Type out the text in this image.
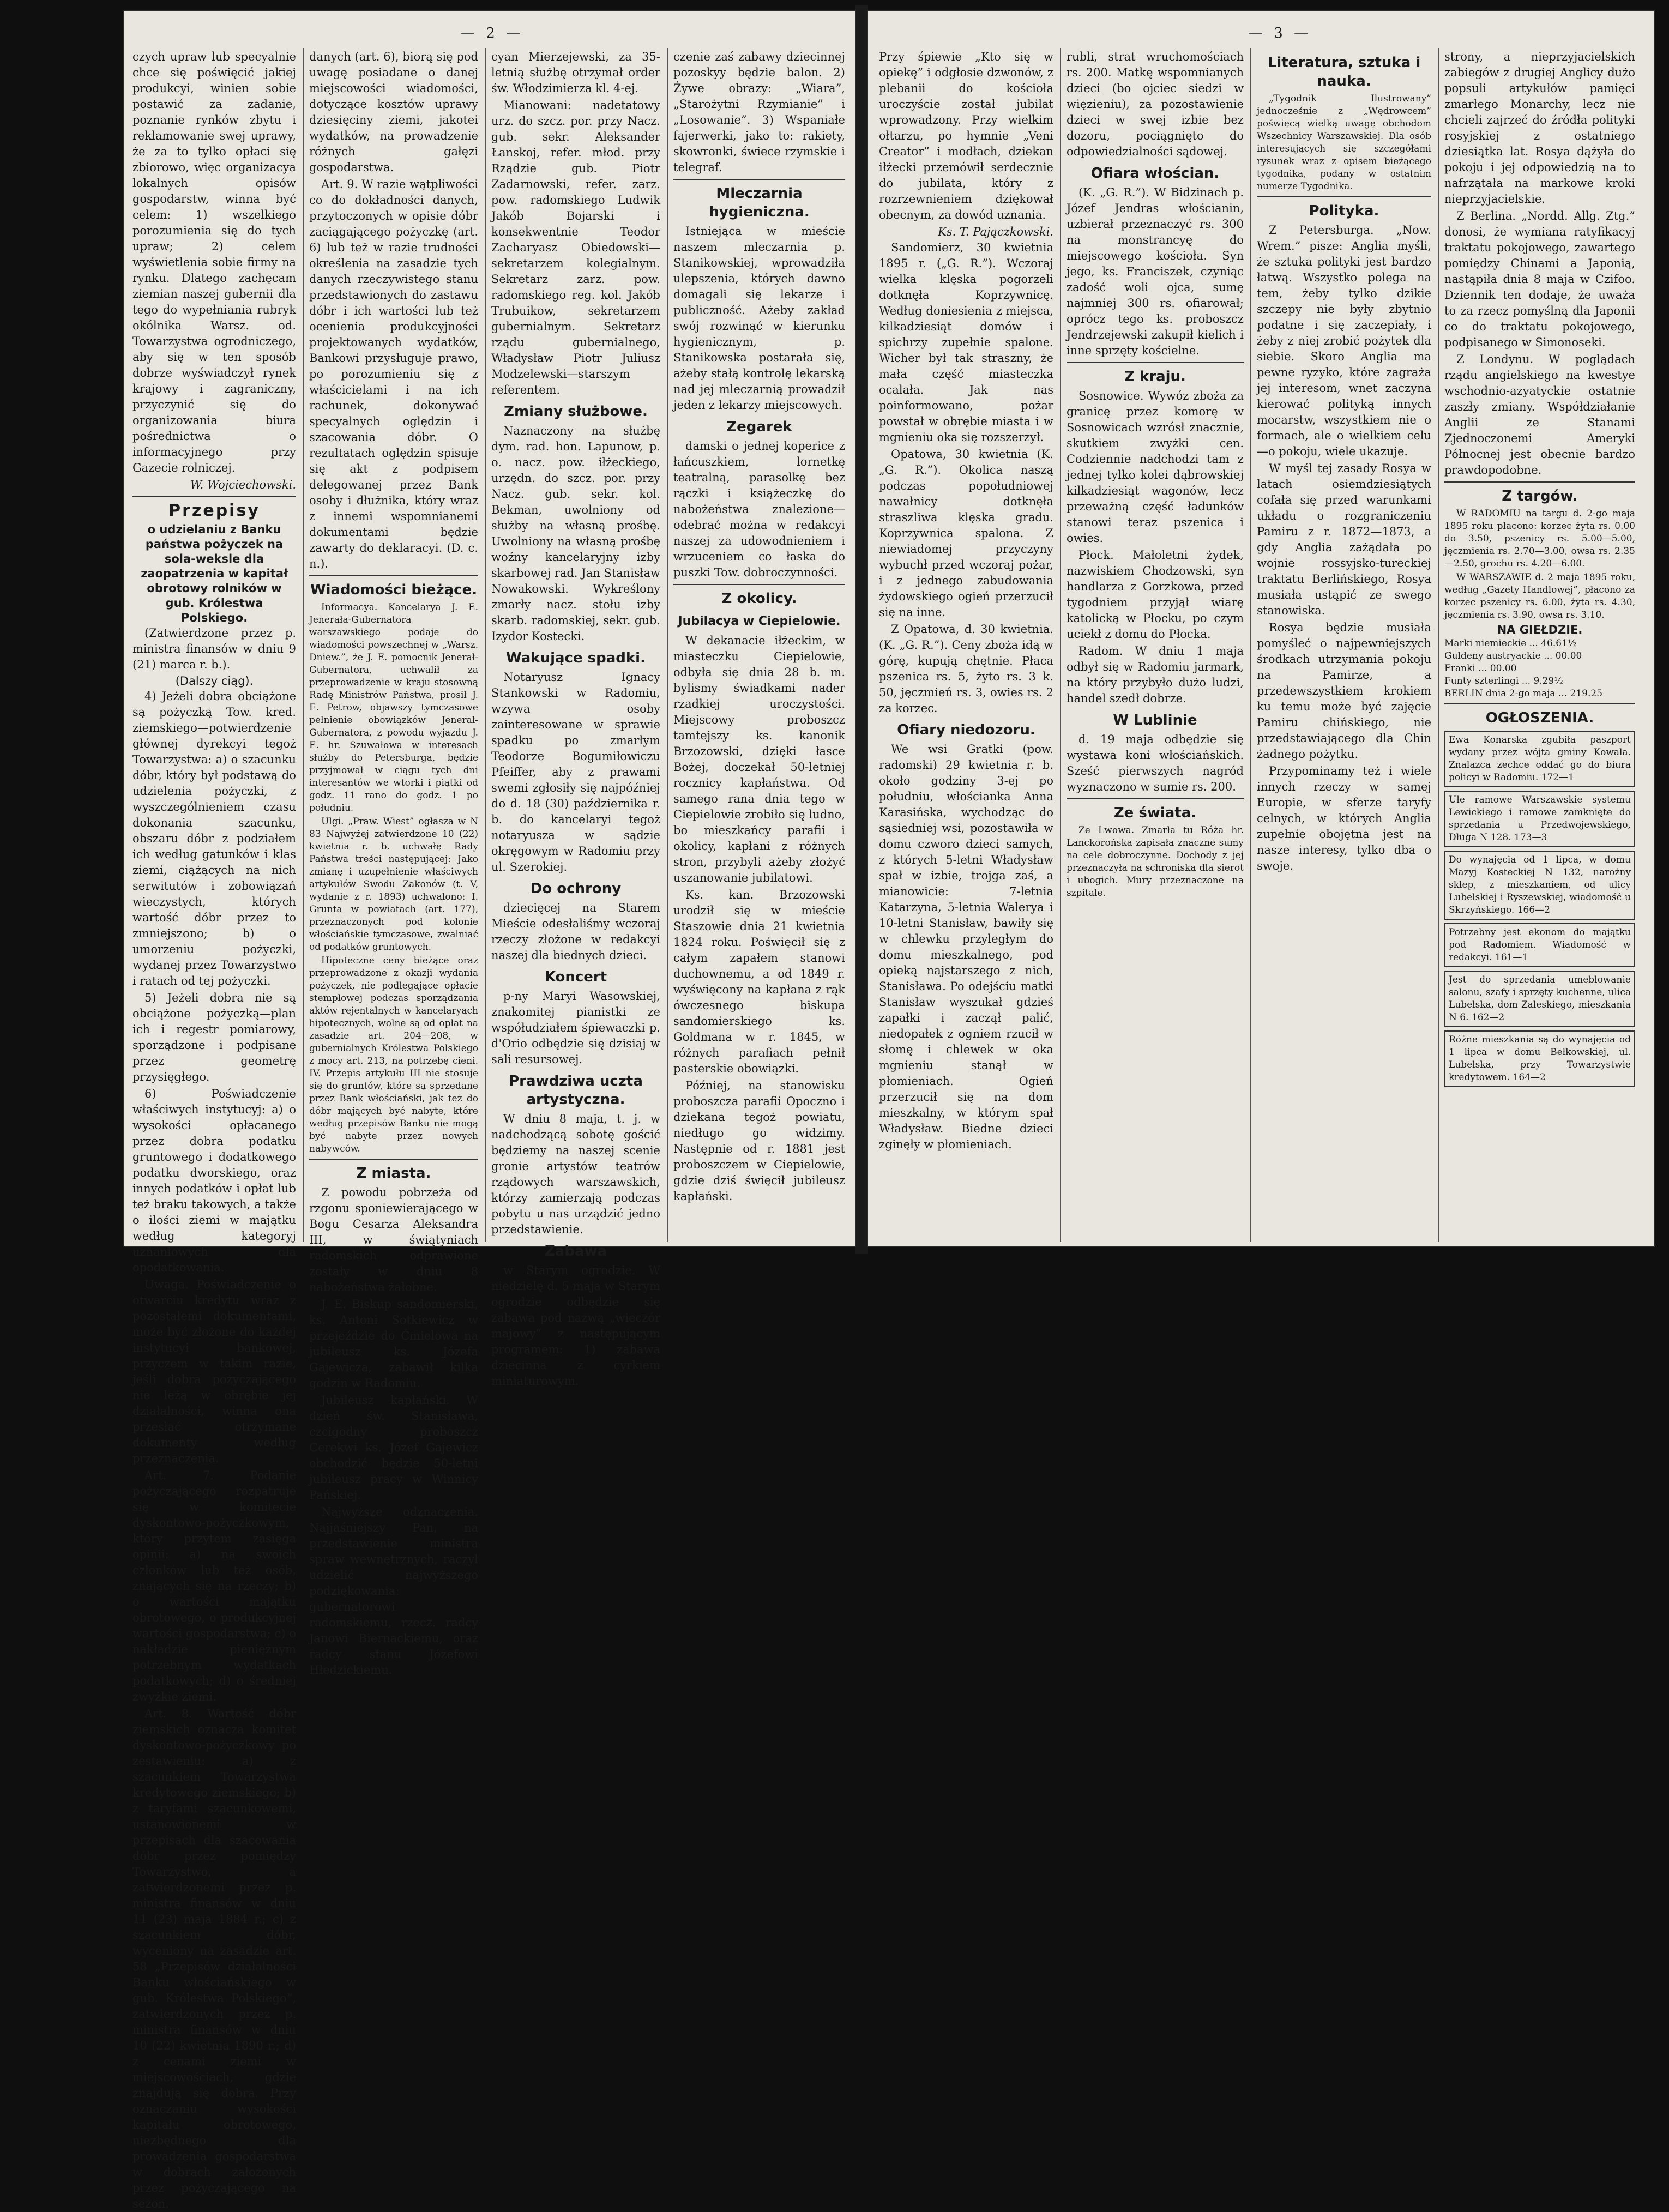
— 2 —

czych upraw lub specyalnie chce się poświęcić jakiej produkcyi, winien sobie postawić za zadanie, poznanie rynków zbytu i reklamowanie swej uprawy, że za to tylko opłaci się zbiorowo, więc organizacya lokalnych opisów gospodarstw, winna być celem: 1) wszelkiego porozumienia się do tych upraw; 2) celem wyświetlenia sobie firmy na rynku. Dlatego zachęcam ziemian naszej gubernii dla tego do wypełniania rubryk okólnika Warsz. od. Towarzystwa ogrodniczego, aby się w ten sposób dobrze wyświadczył rynek krajowy i zagraniczny, przyczynić się do organizowania biura pośrednictwa o informacyjnego przy Gazecie rolniczej.

W. Wojciechowski.
Przepisy
o udzielaniu z Banku państwa pożyczek na sola-weksle dla zaopatrzenia w kapitał obrotowy rolników w gub. Królestwa Polskiego.

(Zatwierdzone przez p. ministra finansów w dniu 9 (21) marca r. b.).

(Dalszy ciąg).

4) Jeżeli dobra obciążone są pożyczką Tow. kred. ziemskiego—potwierdzenie głównej dyrekcyi tegoż Towarzystwa: a) o szacunku dóbr, który był podstawą do udzielenia pożyczki, z wyszczególnieniem czasu dokonania szacunku, obszaru dóbr z podziałem ich według gatunków i klas ziemi, ciążących na nich serwitutów i zobowiązań wieczystych, których wartość dóbr przez to zmniejszono; b) o umorzeniu pożyczki, wydanej przez Towarzystwo i ratach od tej pożyczki.

5) Jeżeli dobra nie są obciążone pożyczką—plan ich i regestr pomiarowy, sporządzone i podpisane przez geometrę przysięgłego.

6) Poświadczenie właściwych instytucyj: a) o wysokości opłacanego przez dobra podatku gruntowego i dodatkowego podatku dworskiego, oraz innych podatków i opłat lub też braku takowych, a także o ilości ziemi w majątku według kategoryj uznaniowych dla opodatkowania.

Uwaga. Poświadczenie o otwarciu kredytu wraz z pozostałemi dokumentami, może być złożone do każdej instytucyi bankowej, przyczem w takim razie, jeśli dobra pożyczającego nie leżą w obrębie jej działalności, winna ona przesłać otrzymane dokumenty według przeznaczenia.

Art. 7. Podanie pożyczającego rozpatruje się w komitecie dyskontowo-pożyczkowym, który przytem zasięga opinii: a) na swoich członków lub też osób, znających się na rzeczy; b) o wartości majątku obrotowego, o produkcyjnej wartości gospodarstwa; c) o nakładzie pieniężnym potrzebnym wydatkach podatkowych; d) o średniej zwyżkie ziemi.

Art. 8. Wartość dóbr ziemskich oznacza komitet dyskontowo-pożyczkowy po zestawieniu: a) z szacunkiem Towarzystwa kredytowego ziemskiego; b) z taryfami szacunkowemi, ustanowionemi w przepisach dla szacowania dóbr przez pomiędzy Towarzystwo, a zatwierdzonemi przez p. ministra finansów w dniu 11 (23) maja 1884 r.; c) z szacunkiem dóbr, wyceniony na zasadzie art. 58 „Przepisów działalności Banku włościańskiego w gub. Królestwa Polskiego”, zatwierdzonych przez p. ministra finansów w dniu 10 (22) kwietnia 1890 r.; d) z cenami ziemi w miejscowościach, gdzie znajdują się dobra. Przy oznaczaniu wysokości kapitału obrotowego, niezbędnego dla prowadzenia gospodarstwa w dobrach założonych przez pożyczającego na sezon.

danych (art. 6), biorą się pod uwagę posiadane o danej miejscowości wiadomości, dotyczące kosztów uprawy dziesięciny ziemi, jakotei wydatków, na prowadzenie różnych gałęzi gospodarstwa.

Art. 9. W razie wątpliwości co do dokładności danych, przytoczonych w opisie dóbr zaciągającego pożyczkę (art. 6) lub też w razie trudności określenia na zasadzie tych danych rzeczywistego stanu przedstawionych do zastawu dóbr i ich wartości lub też ocenienia produkcyjności projektowanych wydatków, Bankowi przysługuje prawo, po porozumieniu się z właścicielami i na ich rachunek, dokonywać specyalnych oględzin i szacowania dóbr. O rezultatach oględzin spisuje się akt z podpisem delegowanej przez Bank osoby i dłużnika, który wraz z innemi wspomnianemi dokumentami będzie zawarty do deklaracyi. (D. c. n.).

Wiadomości bieżące.

Informacya. Kancelarya J. E. Jenerała-Gubernatora warszawskiego podaje do wiadomości powszechnej w „Warsz. Dniew.”, że J. E. pomocnik Jenerał-Gubernatora, uchwalił za przeprowadzenie w kraju stosowną Radę Ministrów Państwa, prosił J. E. Petrow, objawszy tymczasowe pełnienie obowiązków Jenerał-Gubernatora, z powodu wyjazdu J. E. hr. Szuwałowa w interesach służby do Petersburga, będzie przyjmował w ciągu tych dni interesantów we wtorki i piątki od godz. 11 rano do godz. 1 po południu.

Ulgi. „Praw. Wiest” ogłasza w N 83 Najwyżej zatwierdzone 10 (22) kwietnia r. b. uchwałę Rady Państwa treści następującej: Jako zmianę i uzupełnienie właściwych artykułów Swodu Zakonów (t. V, wydanie z r. 1893) uchwalono: I. Grunta w powiatach (art. 177), przeznaczonych pod kolonie włościańskie tymczasowe, zwalniać od podatków gruntowych.

Hipoteczne ceny bieżące oraz przeprowadzone z okazji wydania pożyczek, nie podlegające opłacie stemplowej podczas sporządzania aktów rejentalnych w kancelaryach hipotecznych, wolne są od opłat na zasadzie art. 204—208, w gubernialnych Królestwa Polskiego z mocy art. 213, na potrzebę cieni. IV. Przepis artykułu III nie stosuje się do gruntów, które są sprzedane przez Bank włościański, jak też do dóbr mających być nabyte, które według przepisów Banku nie mogą być nabyte przez nowych nabywców.

Z miasta.

Z powodu pobrzeża od rzgonu sponiewierającego w Bogu Cesarza Aleksandra III, w świątyniach radomskich odprawione zostały w dniu 8 nabożeństwa żałobne.

J. E. Biskup sandomierski, ks. Antoni Sotkiewicz w przejeździe do Ćmielowa na jubileusz ks. Józefa Gajewicza, zabawił kilka godzin w Radomiu.

Jubileusz kapłański. W dzień św. Stanisława, czcigodny proboszcz Cerekwi ks. Józef Gajewicz obchodzić będzie 50-letni jubileusz pracy w Winnicy Pańskiej.

Najwyższe odznaczenia. Najjaśniejszy Pan, na przedstawienie ministra spraw wewnętrznych, raczył udzielić najwyższego podziękowania: gubernatorowi radomskiemu, rzecz. radcy Janowi Biernackiemu, oraz radcy stanu Józefowi Hłedzickiemu.

cyan Mierzejewski, za 35-letnią służbę otrzymał order św. Włodzimierza kl. 4-ej.

Mianowani: nadetatowy urz. do szcz. por. przy Nacz. gub. sekr. Aleksander Łanskoj, refer. młod. przy Rządzie gub. Piotr Zadarnowski, refer. zarz. pow. radomskiego Ludwik Jakób Bojarski i konsekwentnie Teodor Zacharyasz Obiedowski—sekretarzem kolegialnym. Sekretarz zarz. pow. radomskiego reg. kol. Jakób Trubuikow, sekretarzem gubernialnym. Sekretarz rządu gubernialnego, Władysław Piotr Juliusz Modzelewski—starszym referentem.

Zmiany służbowe.

Naznaczony na służbę dym. rad. hon. Lapunow, p. o. nacz. pow. iłżeckiego, urzędn. do szcz. por. przy Nacz. gub. sekr. kol. Bekman, uwolniony od służby na własną prośbę. Uwolniony na własną prośbę woźny kancelaryjny izby skarbowej rad. Jan Stanisław Nowakowski. Wykreślony zmarły nacz. stołu izby skarb. radomskiej, sekr. gub. Izydor Kostecki.

Wakujące spadki.

Notaryusz Ignacy Stankowski w Radomiu, wzywa osoby zainteresowane w sprawie spadku po zmarłym Teodorze Bogumiłowiczu Pfeiffer, aby z prawami swemi zgłosiły się najpóźniej do d. 18 (30) października r. b. do kancelaryi tegoż notaryusza w sądzie okręgowym w Radomiu przy ul. Szerokiej.

Do ochrony

dziecięcej na Starem Mieście odesłaliśmy wczoraj rzeczy złożone w redakcyi naszej dla biednych dzieci.

Koncert

p-ny Maryi Wasowskiej, znakomitej pianistki ze współudziałem śpiewaczki p. d'Orio odbędzie się dzisiaj w sali resursowej.

Prawdziwa uczta artystyczna.

W dniu 8 maja, t. j. w nadchodzącą sobotę gościć będziemy na naszej scenie gronie artystów teatrów rządowych warszawskich, którzy zamierzają podczas pobytu u nas urządzić jedno przedstawienie.

Zabawa

w Starym ogrodzie. W niedzielę d. 5 maja w Starym ogrodzie odbędzie się zabawa pod nazwą „wieczór majowy” z następującym programem: 1) zabawa dziecinna z cyrkiem miniaturowym.

czenie zaś zabawy dziecinnej pozoskyy będzie balon. 2) Żywe obrazy: „Wiara”, „Starożytni Rzymianie” i „Losowanie”. 3) Wspaniałe fajerwerki, jako to: rakiety, skowronki, świece rzymskie i telegraf.

Mleczarnia hygieniczna.

Istniejąca w mieście naszem mleczarnia p. Stanikowskiej, wprowadziła ulepszenia, których dawno domagali się lekarze i publiczność. Ażeby zakład swój rozwinąć w kierunku hygienicznym, p. Stanikowska postarała się, ażeby stałą kontrolę lekarską nad jej mleczarnią prowadził jeden z lekarzy miejscowych.

Zegarek

damski o jednej koperice z łańcuszkiem, lornetkę teatralną, parasolkę bez rączki i książeczkę do nabożeństwa znalezione—odebrać można w redakcyi naszej za udowodnieniem i wrzuceniem co łaska do puszki Tow. dobroczynności.

Z okolicy.
Jubilacya w Ciepielowie.

W dekanacie iłżeckim, w miasteczku Ciepielowie, odbyła się dnia 28 b. m. bylismy świadkami nader rzadkiej uroczystości. Miejscowy proboszcz tamtejszy ks. kanonik Brzozowski, dzięki łasce Bożej, doczekał 50-letniej rocznicy kapłaństwa. Od samego rana dnia tego w Ciepielowie zrobiło się ludno, bo mieszkańcy parafii i okolicy, kapłani z różnych stron, przybyli ażeby złożyć uszanowanie jubilatowi.

Ks. kan. Brzozowski urodził się w mieście Staszowie dnia 21 kwietnia 1824 roku. Poświęcił się z całym zapałem stanowi duchownemu, a od 1849 r. wyświęcony na kapłana z rąk ówczesnego biskupa sandomierskiego ks. Goldmana w r. 1845, w różnych parafiach pełnił pasterskie obowiązki.

Później, na stanowisku proboszcza parafii Opoczno i dziekana tegoż powiatu, niedługo go widzimy. Następnie od r. 1881 jest proboszczem w Ciepielowie, gdzie dziś święcił jubileusz kapłański.

— 3 —

Przy śpiewie „Kto się w opiekę” i odgłosie dzwonów, z plebanii do kościoła uroczyście został jubilat wprowadzony. Przy wielkim ołtarzu, po hymnie „Veni Creator” i modłach, dziekan iłżecki przemówił serdecznie do jubilata, który z rozrzewnieniem dziękował obecnym, za dowód uznania.

Ks. T. Pajączkowski.

Sandomierz, 30 kwietnia 1895 r. („G. R.”). Wczoraj wielka klęska pogorzeli dotknęła Koprzywnicę. Według doniesienia z miejsca, kilkadziesiąt domów i spichrzy zupełnie spalone. Wicher był tak straszny, że mała część miasteczka ocalała. Jak nas poinformowano, pożar powstał w obrębie miasta i w mgnieniu oka się rozszerzył.

Opatowa, 30 kwietnia (K. „G. R.”). Okolica naszą podczas popołudniowej nawałnicy dotknęła straszliwa klęska gradu. Koprzywnica spalona. Z niewiadomej przyczyny wybuchł przed wczoraj pożar, i z jednego zabudowania żydowskiego ogień przerzucił się na inne.

Z Opatowa, d. 30 kwietnia. (K. „G. R.”). Ceny zboża idą w górę, kupują chętnie. Płaca pszenica rs. 5, żyto rs. 3 k. 50, jęczmień rs. 3, owies rs. 2 za korzec.

Ofiary niedozoru.

We wsi Gratki (pow. radomski) 29 kwietnia r. b. około godziny 3-ej po południu, włościanka Anna Karasińska, wychodząc do sąsiedniej wsi, pozostawiła w domu czworo dzieci samych, z których 5-letni Władysław spał w izbie, trojga zaś, a mianowicie: 7-letnia Katarzyna, 5-letnia Walerya i 10-letni Stanisław, bawiły się w chlewku przyległym do domu mieszkalnego, pod opieką najstarszego z nich, Stanisława. Po odejściu matki Stanisław wyszukał gdzieś zapałki i zaczął palić, niedopałek z ogniem rzucił w słomę i chlewek w oka mgnieniu stanął w płomieniach. Ogień przerzucił się na dom mieszkalny, w którym spał Władysław. Biedne dzieci zginęły w płomieniach.

rubli, strat wruchomościach rs. 200. Matkę wspomnianych dzieci (bo ojciec siedzi w więzieniu), za pozostawienie dzieci w swej izbie bez dozoru, pociągnięto do odpowiedzialności sądowej.

Ofiara włościan.

(K. „G. R.”). W Bidzinach p. Józef Jendras włościanin, uzbierał przeznaczyć rs. 300 na monstrancyę do miejscowego kościoła. Syn jego, ks. Franciszek, czyniąc zadość woli ojca, sumę najmniej 300 rs. ofiarował; oprócz tego ks. proboszcz Jendrzejewski zakupił kielich i inne sprzęty kościelne.

Z kraju.

Sosnowice. Wywóz zboża za granicę przez komorę w Sosnowicach wzrósł znacznie, skutkiem zwyżki cen. Codziennie nadchodzi tam z jednej tylko kolei dąbrowskiej kilkadziesiąt wagonów, lecz przeważną część ładunków stanowi teraz pszenica i owies.

Płock. Małoletni żydek, nazwiskiem Chodzowski, syn handlarza z Gorzkowa, przed tygodniem przyjął wiarę katolicką w Płocku, po czym uciekł z domu do Płocka.

Radom. W dniu 1 maja odbył się w Radomiu jarmark, na który przybyło dużo ludzi, handel szedł dobrze.

W Lublinie

d. 19 maja odbędzie się wystawa koni włościańskich. Sześć pierwszych nagród wyznaczono w sumie rs. 200.

Ze świata.

Ze Lwowa. Zmarła tu Róża hr. Lanckorońska zapisała znaczne sumy na cele dobroczynne. Dochody z jej przeznaczyła na schroniska dla sierot i ubogich. Mury przeznaczone na szpitale.

Literatura, sztuka i nauka.

„Tygodnik Ilustrowany” jednocześnie z „Wędrowcem” poświęcą wielką uwagę obchodom Wszechnicy Warszawskiej. Dla osób interesujących się szczegółami rysunek wraz z opisem bieżącego tygodnika, podany w ostatnim numerze Tygodnika.

Polityka.

Z Petersburga. „Now. Wrem.” pisze: Anglia myśli, że sztuka polityki jest bardzo łatwą. Wszystko polega na tem, żeby tylko dzikie szczepy nie były zbytnio podatne i się zaczepiały, i żeby z niej zrobić pożytek dla siebie. Skoro Anglia ma pewne ryzyko, które zagraża jej interesom, wnet zaczyna kierować polityką innych mocarstw, wszystkiem nie o formach, ale o wielkiem celu—o pokoju, wiele ukazuje.

W myśl tej zasady Rosya w latach osiemdziesiątych cofała się przed warunkami układu o rozgraniczeniu Pamiru z r. 1872—1873, a gdy Anglia zażądała po wojnie rossyjsko-tureckiej traktatu Berlińskiego, Rosya musiała ustąpić ze swego stanowiska.

Rosya będzie musiała pomyśleć o najpewniejszych środkach utrzymania pokoju na Pamirze, a przedewszystkiem krokiem ku temu może być zajęcie Pamiru chińskiego, nie przedstawiającego dla Chin żadnego pożytku.

Przypominamy też i wiele innych rzeczy w samej Europie, w sferze taryfy celnych, w których Anglia zupełnie obojętna jest na nasze interesy, tylko dba o swoje.

strony, a nieprzyjacielskich zabiegów z drugiej Anglicy dużo popsuli artykułów pamięci zmarłego Monarchy, lecz nie chcieli zajrzeć do źródła polityki rosyjskiej z ostatniego dziesiątka lat. Rosya dążyła do pokoju i jej odpowiedzią na to nafrzątała na markowe kroki nieprzyjacielskie.

Z Berlina. „Nordd. Allg. Ztg.” donosi, że wymiana ratyfikacyj traktatu pokojowego, zawartego pomiędzy Chinami a Japonią, nastąpiła dnia 8 maja w Czifoo. Dziennik ten dodaje, że uważa to za rzecz pomyślną dla Japonii co do traktatu pokojowego, podpisanego w Simonoseki.

Z Londynu. W poglądach rządu angielskiego na kwestye wschodnio-azyatyckie ostatnie zaszły zmiany. Współdziałanie Anglii ze Stanami Zjednoczonemi Ameryki Północnej jest obecnie bardzo prawdopodobne.

Z targów.

W RADOMIU na targu d. 2-go maja 1895 roku płacono: korzec żyta rs. 0.00 do 3.50, pszenicy rs. 5.00—5.00, jęczmienia rs. 2.70—3.00, owsa rs. 2.35—2.50, grochu rs. 4.20—6.00.

W WARSZAWIE d. 2 maja 1895 roku, według „Gazety Handlowej”, płacono za korzec pszenicy rs. 6.00, żyta rs. 4.30, jęczmienia rs. 3.90, owsa rs. 3.10.

NA GIEŁDZIE.

Marki niemieckie ... 46.61½
Guldeny austryackie ... 00.00
Franki ... 00.00
Funty szterlingi ... 9.29½
BERLIN dnia 2-go maja ... 219.25

OGŁOSZENIA.
Ewa Konarska zgubiła paszport wydany przez wójta gminy Kowala. Znalazca zechce oddać go do biura policyi w Radomiu. 172—1
Ule ramowe Warszawskie systemu Lewickiego i ramowe zamknięte do sprzedania u Przedwojewskiego, Długa N 128. 173—3
Do wynajęcia od 1 lipca, w domu Mazyj Kosteckiej N 132, narożny sklep, z mieszkaniem, od ulicy Lubelskiej i Ryszewskiej, wiadomość u Skrzyńskiego. 166—2
Potrzebny jest ekonom do majątku pod Radomiem. Wiadomość w redakcyi. 161—1
Jest do sprzedania umeblowanie salonu, szafy i sprzęty kuchenne, ulica Lubelska, dom Zaleskiego, mieszkania N 6. 162—2
Różne mieszkania są do wynajęcia od 1 lipca w domu Bełkowskiej, ul. Lubelska, przy Towarzystwie kredytowem. 164—2
